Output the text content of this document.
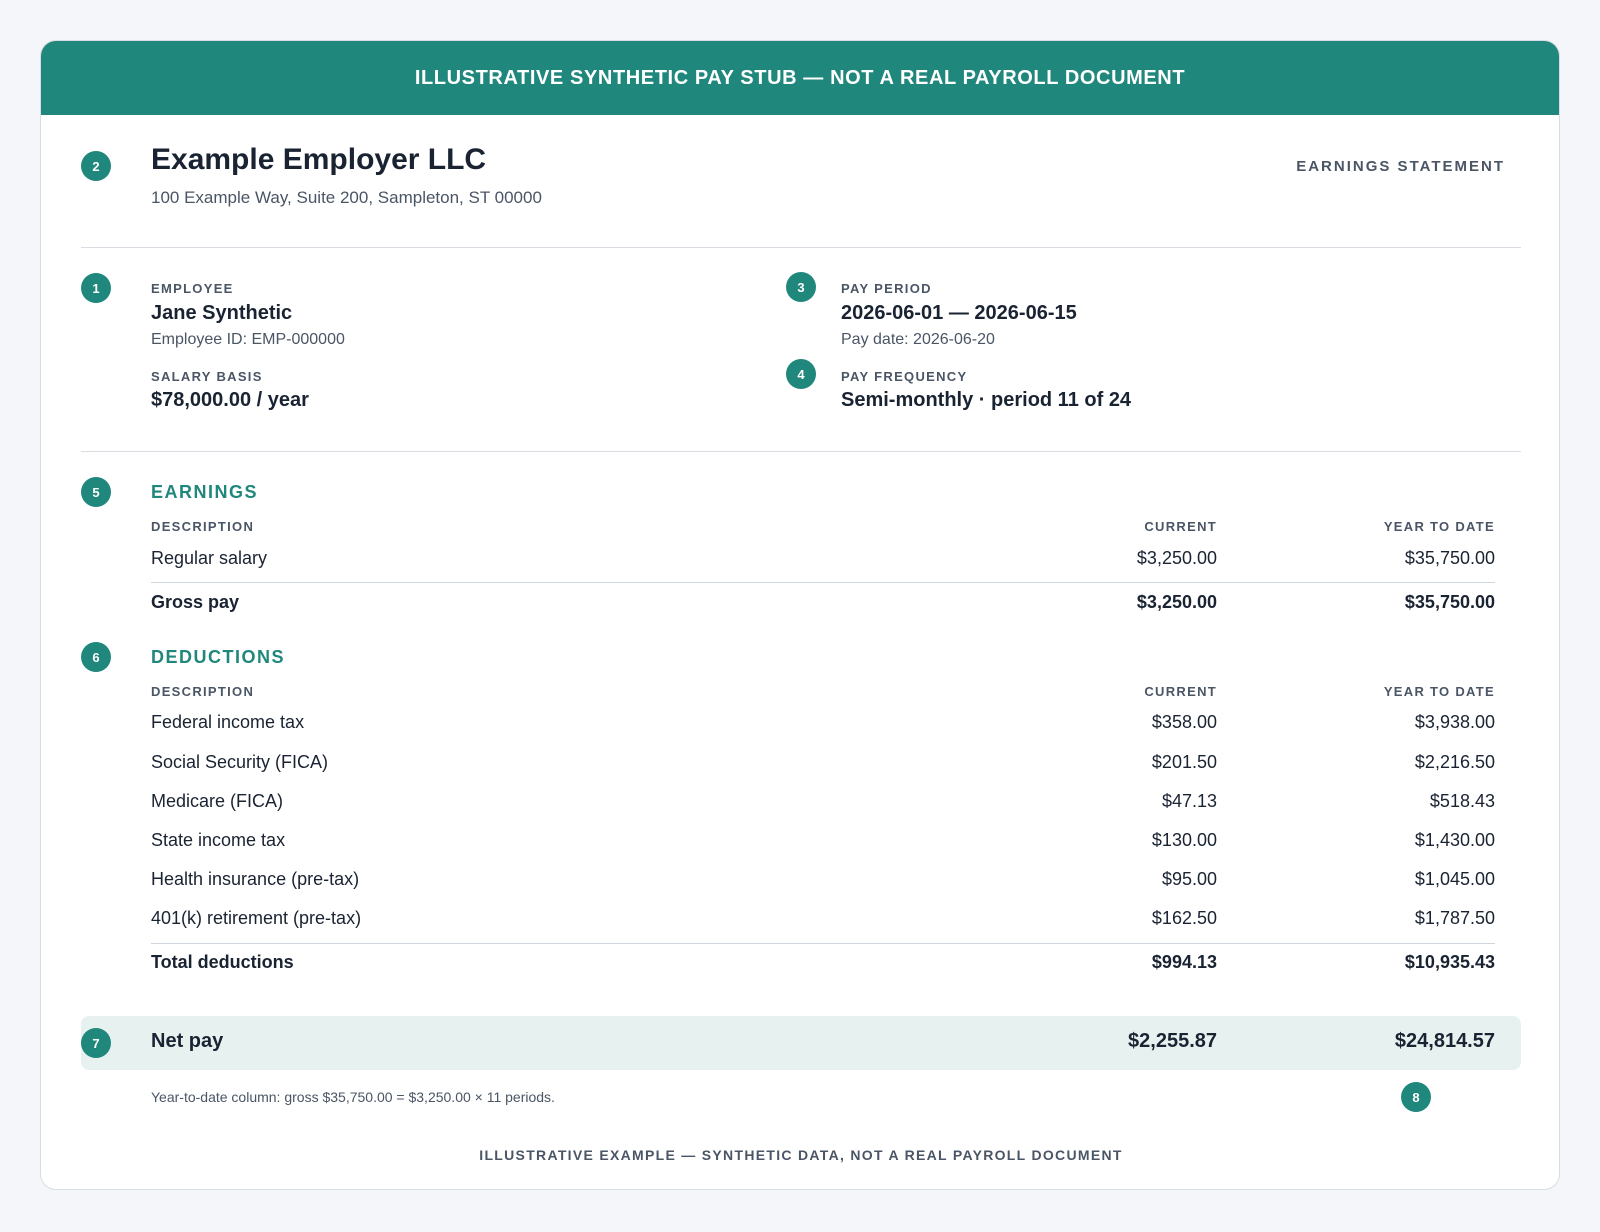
ILLUSTRATIVE SYNTHETIC PAY STUB — NOT A REAL PAYROLL DOCUMENT
2	Example Employer LLC
100 Example Way, Suite 200, Sampleton, ST 00000
EARNINGS STATEMENT
1	EMPLOYEE
Jane Synthetic
Employee ID: EMP-000000
SALARY BASIS
$78,000.00 / year
3	PAY PERIOD
2026-06-01 — 2026-06-15
Pay date: 2026-06-20
4	PAY FREQUENCY
Semi-monthly · period 11 of 24
5	EARNINGS
DESCRIPTION	CURRENT	YEAR TO DATE
Regular salary	$3,250.00	$35,750.00
Gross pay	$3,250.00	$35,750.00
6	DEDUCTIONS
DESCRIPTION	CURRENT	YEAR TO DATE
Federal income tax	$358.00	$3,938.00
Social Security (FICA)	$201.50	$2,216.50
Medicare (FICA)	$47.13	$518.43
State income tax	$130.00	$1,430.00
Health insurance (pre-tax)	$95.00	$1,045.00
401(k) retirement (pre-tax)	$162.50	$1,787.50
Total deductions	$994.13	$10,935.43
7	Net pay	$2,255.87	$24,814.57
Year-to-date column: gross $35,750.00 = $3,250.00 × 11 periods.	8
ILLUSTRATIVE EXAMPLE — SYNTHETIC DATA, NOT A REAL PAYROLL DOCUMENT
